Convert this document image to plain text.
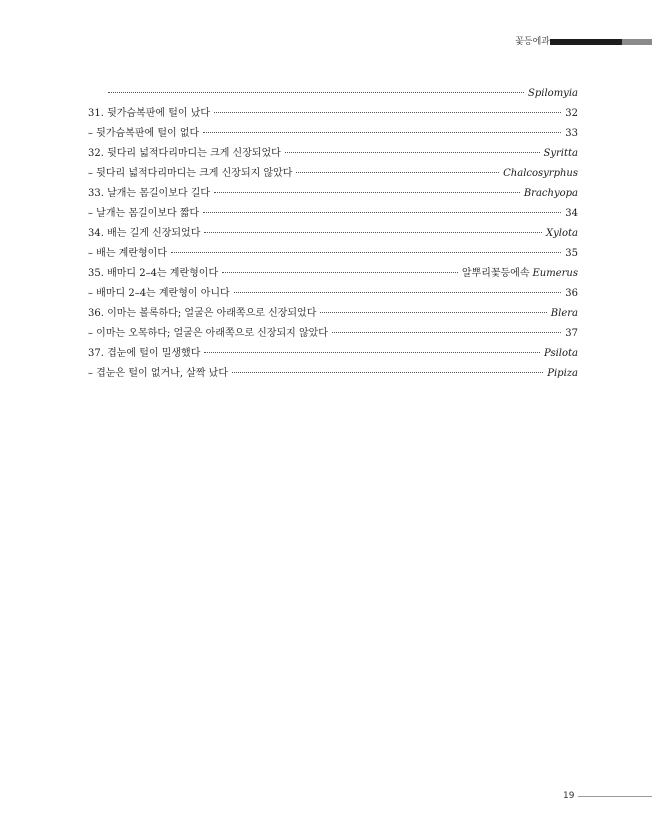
꽃등에과
Spilomyia
31. 뒷가슴복판에 털이 났다	32
– 뒷가슴복판에 털이 없다	33
32. 뒷다리 넓적다리마디는 크게 신장되었다	Syritta
– 뒷다리 넓적다리마디는 크게 신장되지 않았다	Chalcosyrphus
33. 날개는 몸길이보다 길다	Brachyopa
– 날개는 몸길이보다 짧다	34
34. 배는 길게 신장되었다	Xylota
– 배는 계란형이다	35
35. 배마디 2–4는 계란형이다	알뿌리꽃등에속 Eumerus
– 배마디 2–4는 계란형이 아니다	36
36. 이마는 볼록하다; 얼굴은 아래쪽으로 신장되었다	Blera
– 이마는 오목하다; 얼굴은 아래쪽으로 신장되지 않았다	37
37. 겹눈에 털이 밀생했다	Psilota
– 겹눈은 털이 없거나, 살짝 났다	Pipiza
19
